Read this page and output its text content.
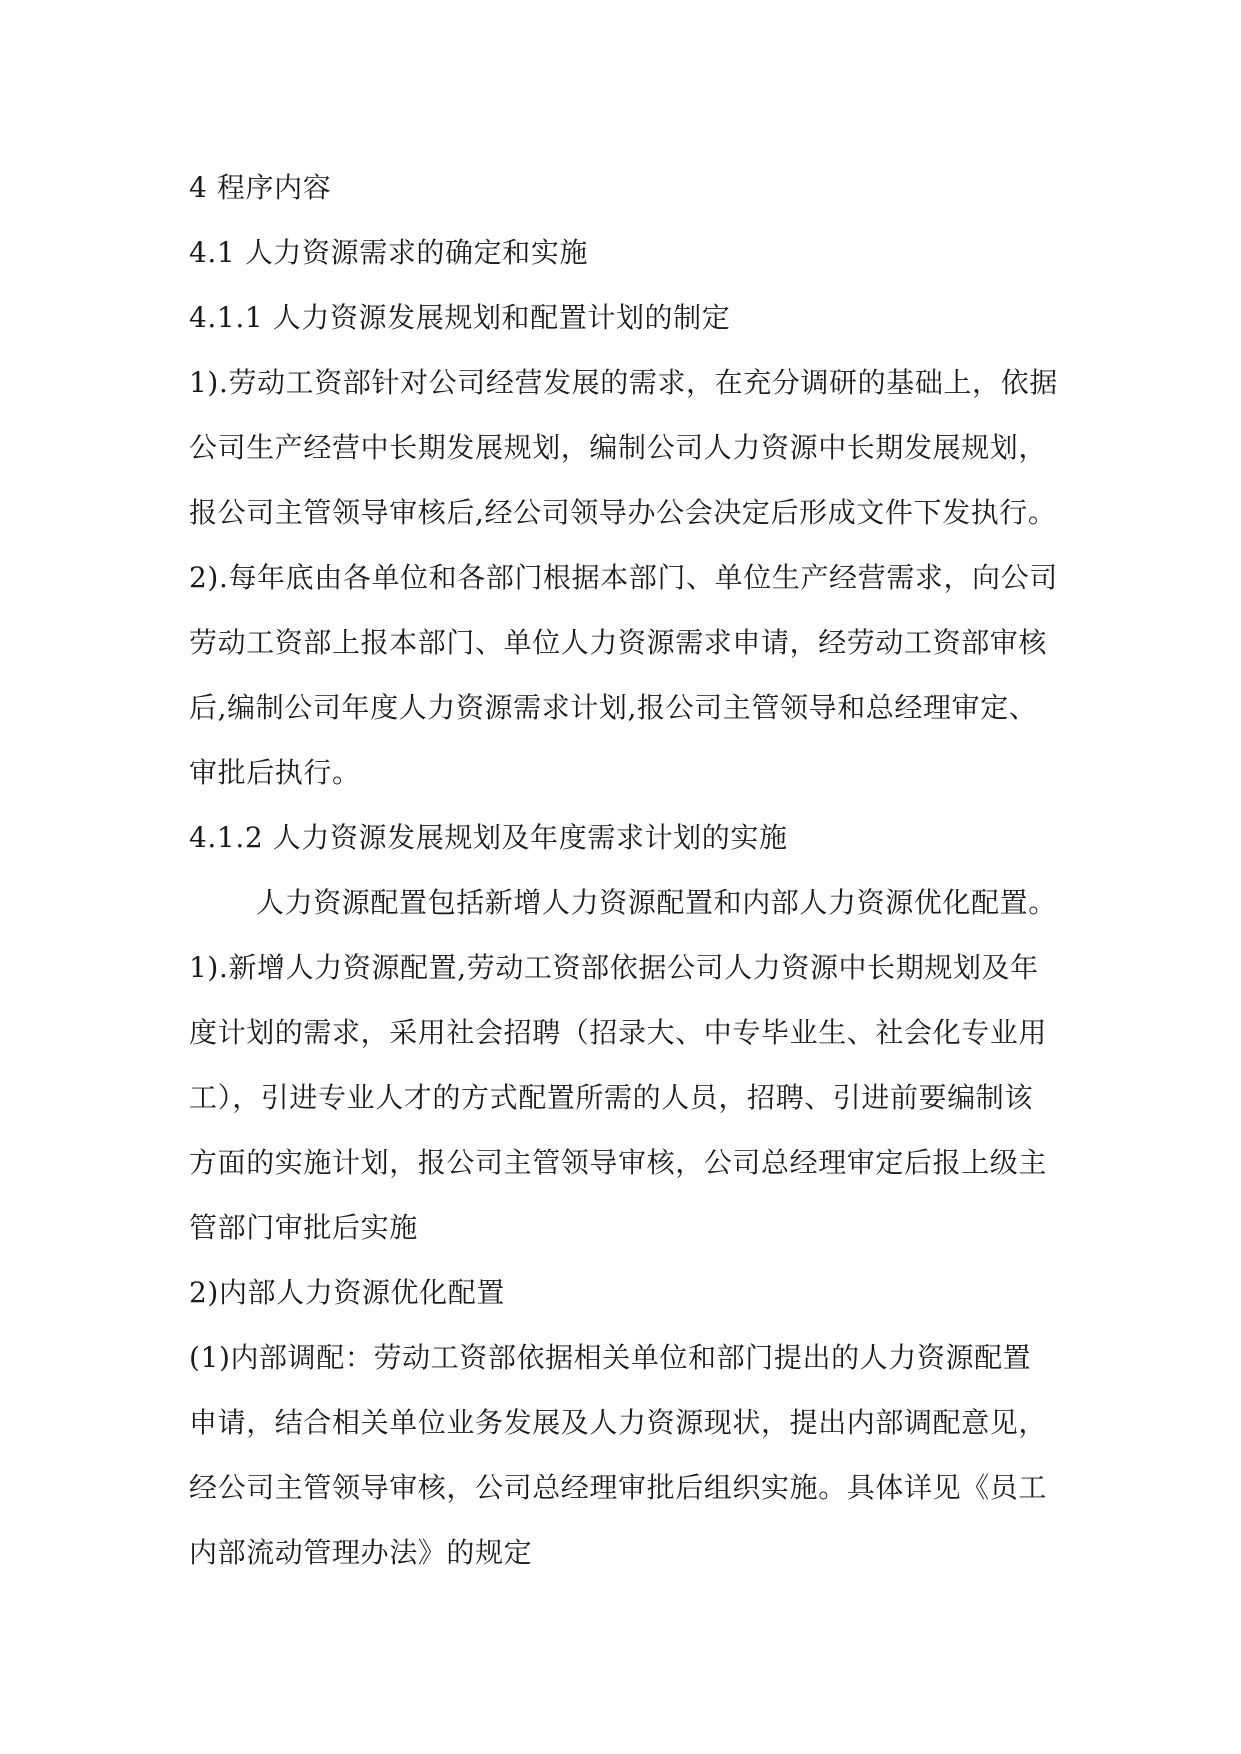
4 程序内容
4.1 人力资源需求的确定和实施
4.1.1 人力资源发展规划和配置计划的制定
1).劳动工资部针对公司经营发展的需求，在充分调研的基础上，依据
公司生产经营中长期发展规划，编制公司人力资源中长期发展规划，
报公司主管领导审核后,经公司领导办公会决定后形成文件下发执行。
2).每年底由各单位和各部门根据本部门、单位生产经营需求，向公司
劳动工资部上报本部门、单位人力资源需求申请，经劳动工资部审核
后,编制公司年度人力资源需求计划,报公司主管领导和总经理审定、
审批后执行。
4.1.2 人力资源发展规划及年度需求计划的实施
人力资源配置包括新增人力资源配置和内部人力资源优化配置。
1).新增人力资源配置,劳动工资部依据公司人力资源中长期规划及年
度计划的需求，采用社会招聘（招录大、中专毕业生、社会化专业用
工），引进专业人才的方式配置所需的人员，招聘、引进前要编制该
方面的实施计划，报公司主管领导审核，公司总经理审定后报上级主
管部门审批后实施
2)内部人力资源优化配置
(1)内部调配：劳动工资部依据相关单位和部门提出的人力资源配置
申请，结合相关单位业务发展及人力资源现状，提出内部调配意见，
经公司主管领导审核，公司总经理审批后组织实施。具体详见《员工
内部流动管理办法》的规定
